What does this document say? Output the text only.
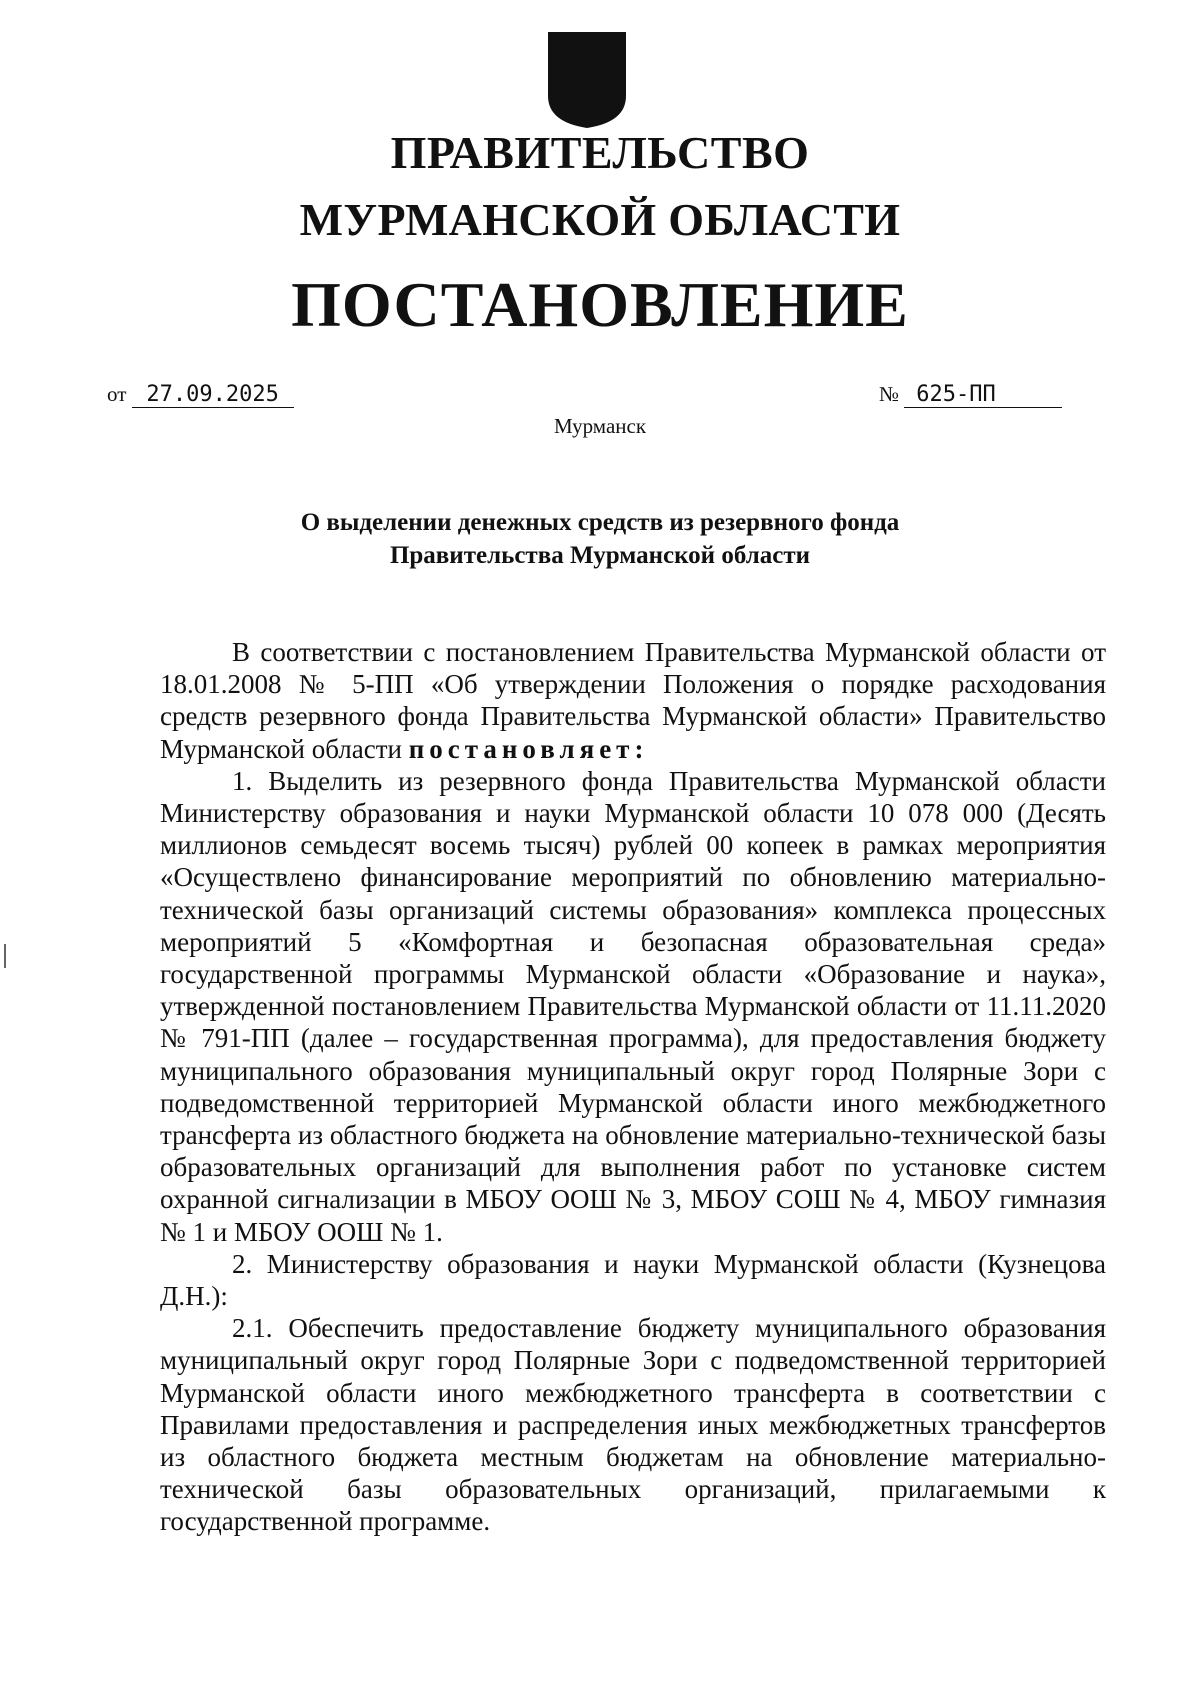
ПРАВИТЕЛЬСТВО
МУРМАНСКОЙ ОБЛАСТИ
ПОСТАНОВЛЕНИЕ
от 27.09.2025	№ 625-ПП
Мурманск
О выделении денежных средств из резервного фонда
Правительства Мурманской области

В соответствии с постановлением Правительства Мурманской области от 18.01.2008 № 5-ПП «Об утверждении Положения о порядке расходования средств резервного фонда Правительства Мурманской области» Правительство Мурманской области постановляет:

1. Выделить из резервного фонда Правительства Мурманской области Министерству образования и науки Мурманской области 10 078 000 (Десять миллионов семьдесят восемь тысяч) рублей 00 копеек в рамках мероприятия «Осуществлено финансирование мероприятий по обновлению материально-технической базы организаций системы образования» комплекса процессных мероприятий 5 «Комфортная и безопасная образовательная среда» государственной программы Мурманской области «Образование и наука», утвержденной постановлением Правительства Мурманской области от 11.11.2020 № 791-ПП (далее – государственная программа), для предоставления бюджету муниципального образования муниципальный округ город Полярные Зори с подведомственной территорией Мурманской области иного межбюджетного трансферта из областного бюджета на обновление материально-технической базы образовательных организаций для выполнения работ по установке систем охранной сигнализации в МБОУ ООШ № 3, МБОУ СОШ № 4, МБОУ гимназия № 1 и МБОУ ООШ № 1.

2. Министерству образования и науки Мурманской области (Кузнецова Д.Н.):

2.1. Обеспечить предоставление бюджету муниципального образования муниципальный округ город Полярные Зори с подведомственной территорией Мурманской области иного межбюджетного трансферта в соответствии с Правилами предоставления и распределения иных межбюджетных трансфертов из областного бюджета местным бюджетам на обновление материально-технической базы образовательных организаций, прилагаемыми к государственной программе.
